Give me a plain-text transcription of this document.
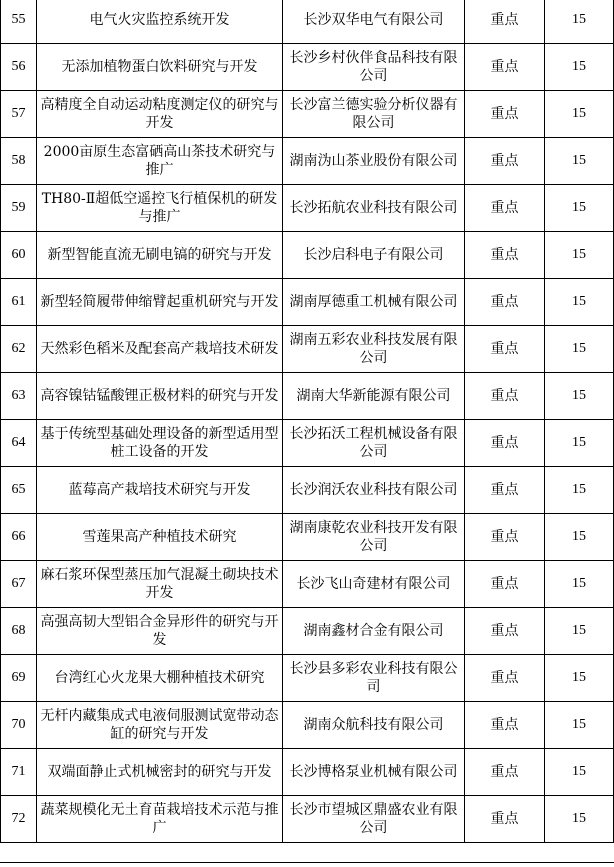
55	电气火灾监控系统开发	长沙双华电气有限公司	重点	15
56	无添加植物蛋白饮料研究与开发	长沙乡村伙伴食品科技有限公司	重点	15
57	高精度全自动运动粘度测定仪的研究与开发	长沙富兰德实验分析仪器有限公司	重点	15
58	2000亩原生态富硒高山茶技术研究与推广	湖南沩山茶业股份有限公司	重点	15
59	TH80-Ⅱ超低空遥控飞行植保机的研发与推广	长沙拓航农业科技有限公司	重点	15
60	新型智能直流无刷电镐的研究与开发	长沙启科电子有限公司	重点	15
61	新型轻简履带伸缩臂起重机研究与开发	湖南厚德重工机械有限公司	重点	15
62	天然彩色稻米及配套高产栽培技术研发	湖南五彩农业科技发展有限公司	重点	15
63	高容镍钴锰酸锂正极材料的研究与开发	湖南大华新能源有限公司	重点	15
64	基于传统型基础处理设备的新型适用型桩工设备的开发	长沙拓沃工程机械设备有限公司	重点	15
65	蓝莓高产栽培技术研究与开发	长沙润沃农业科技有限公司	重点	15
66	雪莲果高产种植技术研究	湖南康乾农业科技开发有限公司	重点	15
67	麻石浆环保型蒸压加气混凝土砌块技术开发	长沙飞山奇建材有限公司	重点	15
68	高强高韧大型铝合金异形件的研究与开发	湖南鑫材合金有限公司	重点	15
69	台湾红心火龙果大棚种植技术研究	长沙县多彩农业科技有限公司	重点	15
70	无杆内藏集成式电液伺服测试宽带动态缸的研究与开发	湖南众航科技有限公司	重点	15
71	双端面静止式机械密封的研究与开发	长沙博格泵业机械有限公司	重点	15
72	蔬菜规模化无土育苗栽培技术示范与推广	长沙市望城区鼎盛农业有限公司	重点	15
